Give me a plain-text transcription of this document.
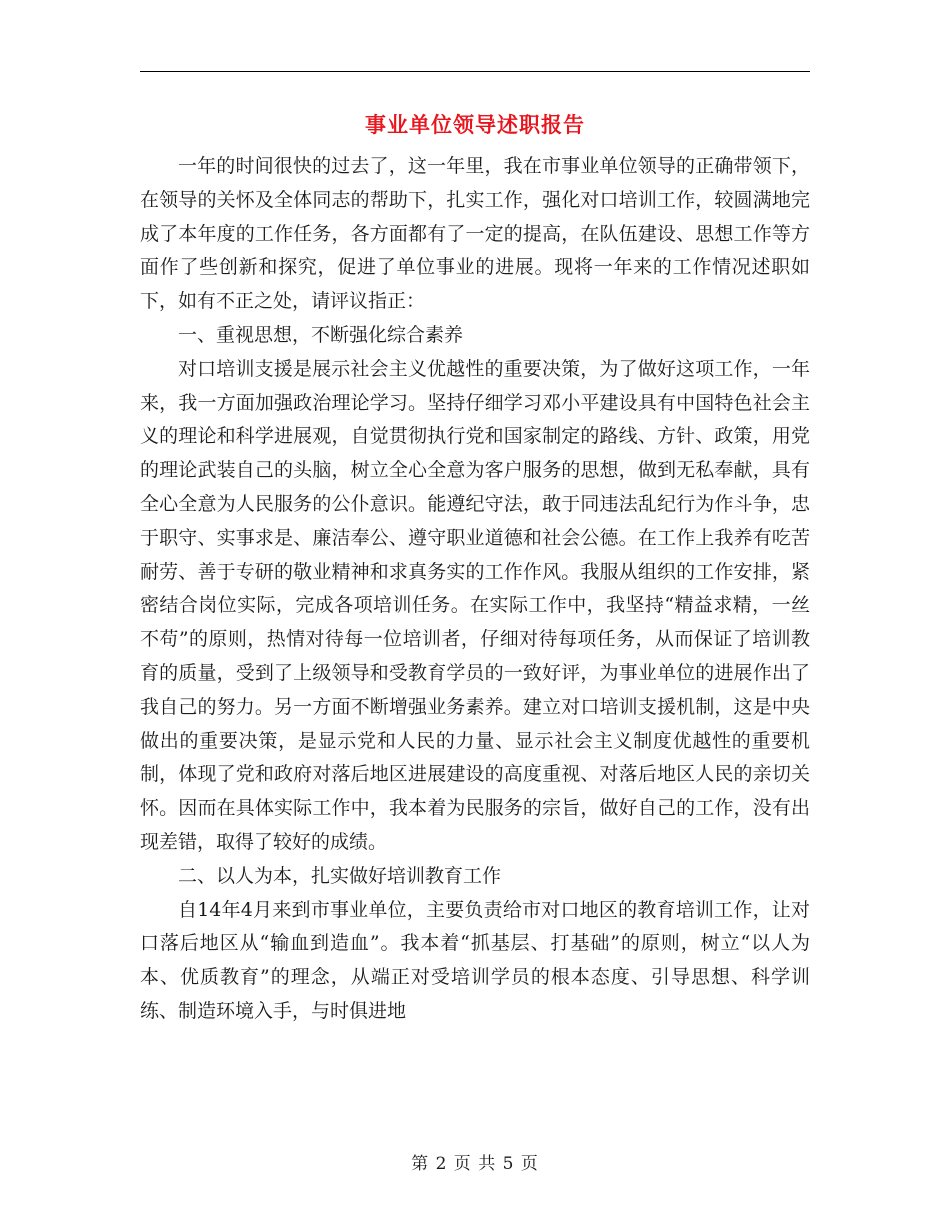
事业单位领导述职报告

一年的时间很快的过去了，这一年里，我在市事业单位领导的正确带领下，在领导的关怀及全体同志的帮助下，扎实工作，强化对口培训工作，较圆满地完成了本年度的工作任务，各方面都有了一定的提高，在队伍建设、思想工作等方面作了些创新和探究，促进了单位事业的进展。现将一年来的工作情况述职如下，如有不正之处，请评议指正：

一、重视思想，不断强化综合素养

对口培训支援是展示社会主义优越性的重要决策，为了做好这项工作，一年来，我一方面加强政治理论学习。坚持仔细学习邓小平建设具有中国特色社会主义的理论和科学进展观，自觉贯彻执行党和国家制定的路线、方针、政策，用党的理论武装自己的头脑，树立全心全意为客户服务的思想，做到无私奉献，具有全心全意为人民服务的公仆意识。能遵纪守法，敢于同违法乱纪行为作斗争，忠于职守、实事求是、廉洁奉公、遵守职业道德和社会公德。在工作上我养有吃苦耐劳、善于专研的敬业精神和求真务实的工作作风。我服从组织的工作安排，紧密结合岗位实际，完成各项培训任务。在实际工作中，我坚持“精益求精，一丝不苟”的原则，热情对待每一位培训者，仔细对待每项任务，从而保证了培训教育的质量，受到了上级领导和受教育学员的一致好评，为事业单位的进展作出了我自己的努力。另一方面不断增强业务素养。建立对口培训支援机制，这是中央做出的重要决策，是显示党和人民的力量、显示社会主义制度优越性的重要机制，体现了党和政府对落后地区进展建设的高度重视、对落后地区人民的亲切关怀。因而在具体实际工作中，我本着为民服务的宗旨，做好自己的工作，没有出现差错，取得了较好的成绩。

二、以人为本，扎实做好培训教育工作

自14年4月来到市事业单位，主要负责给市对口地区的教育培训工作，让对口落后地区从“输血到造血”。我本着“抓基层、打基础”的原则，树立“以人为本、优质教育”的理念，从端正对受培训学员的根本态度、引导思想、科学训练、制造环境入手，与时俱进地

第 2 页 共 5 页
